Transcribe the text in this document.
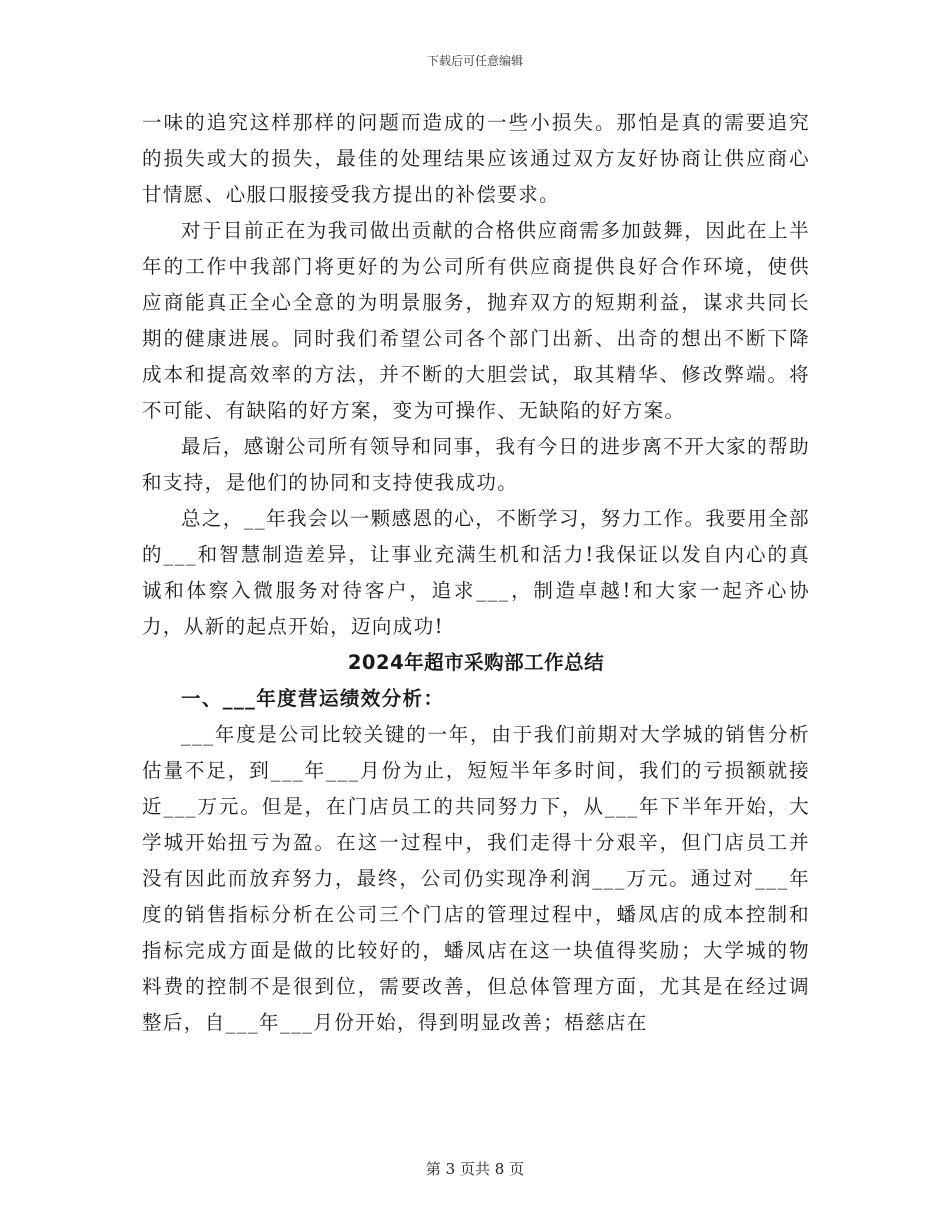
下载后可任意编辑

一味的追究这样那样的问题而造成的一些小损失。那怕是真的需要追究的损失或大的损失，最佳的处理结果应该通过双方友好协商让供应商心甘情愿、心服口服接受我方提出的补偿要求。

对于目前正在为我司做出贡献的合格供应商需多加鼓舞，因此在上半年的工作中我部门将更好的为公司所有供应商提供良好合作环境，使供应商能真正全心全意的为明景服务，抛弃双方的短期利益，谋求共同长期的健康进展。同时我们希望公司各个部门出新、出奇的想出不断下降成本和提高效率的方法，并不断的大胆尝试，取其精华、修改弊端。将不可能、有缺陷的好方案，变为可操作、无缺陷的好方案。

最后，感谢公司所有领导和同事，我有今日的进步离不开大家的帮助和支持，是他们的协同和支持使我成功。

总之，__年我会以一颗感恩的心，不断学习，努力工作。我要用全部的___和智慧制造差异，让事业充满生机和活力!我保证以发自内心的真诚和体察入微服务对待客户，追求___，制造卓越!和大家一起齐心协力，从新的起点开始，迈向成功!

2024年超市采购部工作总结

一、___年度营运绩效分析：

___年度是公司比较关键的一年，由于我们前期对大学城的销售分析估量不足，到___年___月份为止，短短半年多时间，我们的亏损额就接近___万元。但是，在门店员工的共同努力下，从___年下半年开始，大学城开始扭亏为盈。在这一过程中，我们走得十分艰辛，但门店员工并没有因此而放弃努力，最终，公司仍实现净利润___万元。通过对___年度的销售指标分析在公司三个门店的管理过程中，蟠凤店的成本控制和指标完成方面是做的比较好的，蟠凤店在这一块值得奖励；大学城的物料费的控制不是很到位，需要改善，但总体管理方面，尤其是在经过调整后，自___年___月份开始，得到明显改善；梧慈店在

第 3 页共 8 页
